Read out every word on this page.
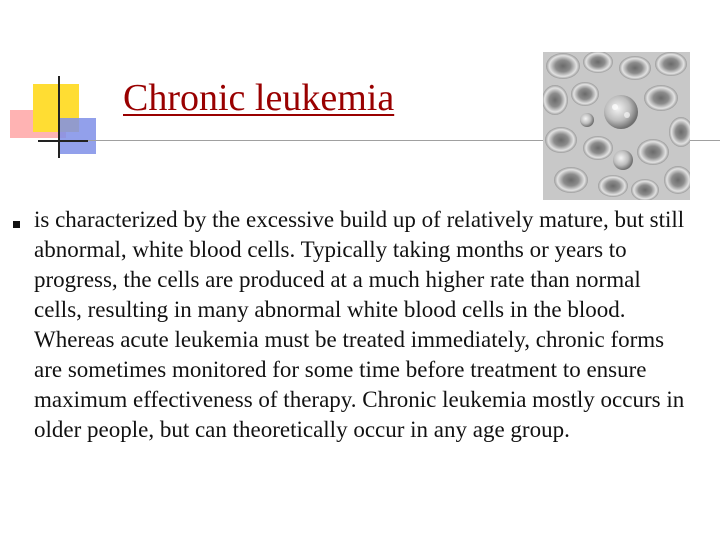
Chronic leukemia

is characterized by the excessive build up of relatively mature, but still abnormal, white blood cells. Typically taking months or years to progress, the cells are produced at a much higher rate than normal cells, resulting in many abnormal white blood cells in the blood. Whereas acute leukemia must be treated immediately, chronic forms are sometimes monitored for some time before treatment to ensure maximum effectiveness of therapy. Chronic leukemia mostly occurs in older people, but can theoretically occur in any age group.
